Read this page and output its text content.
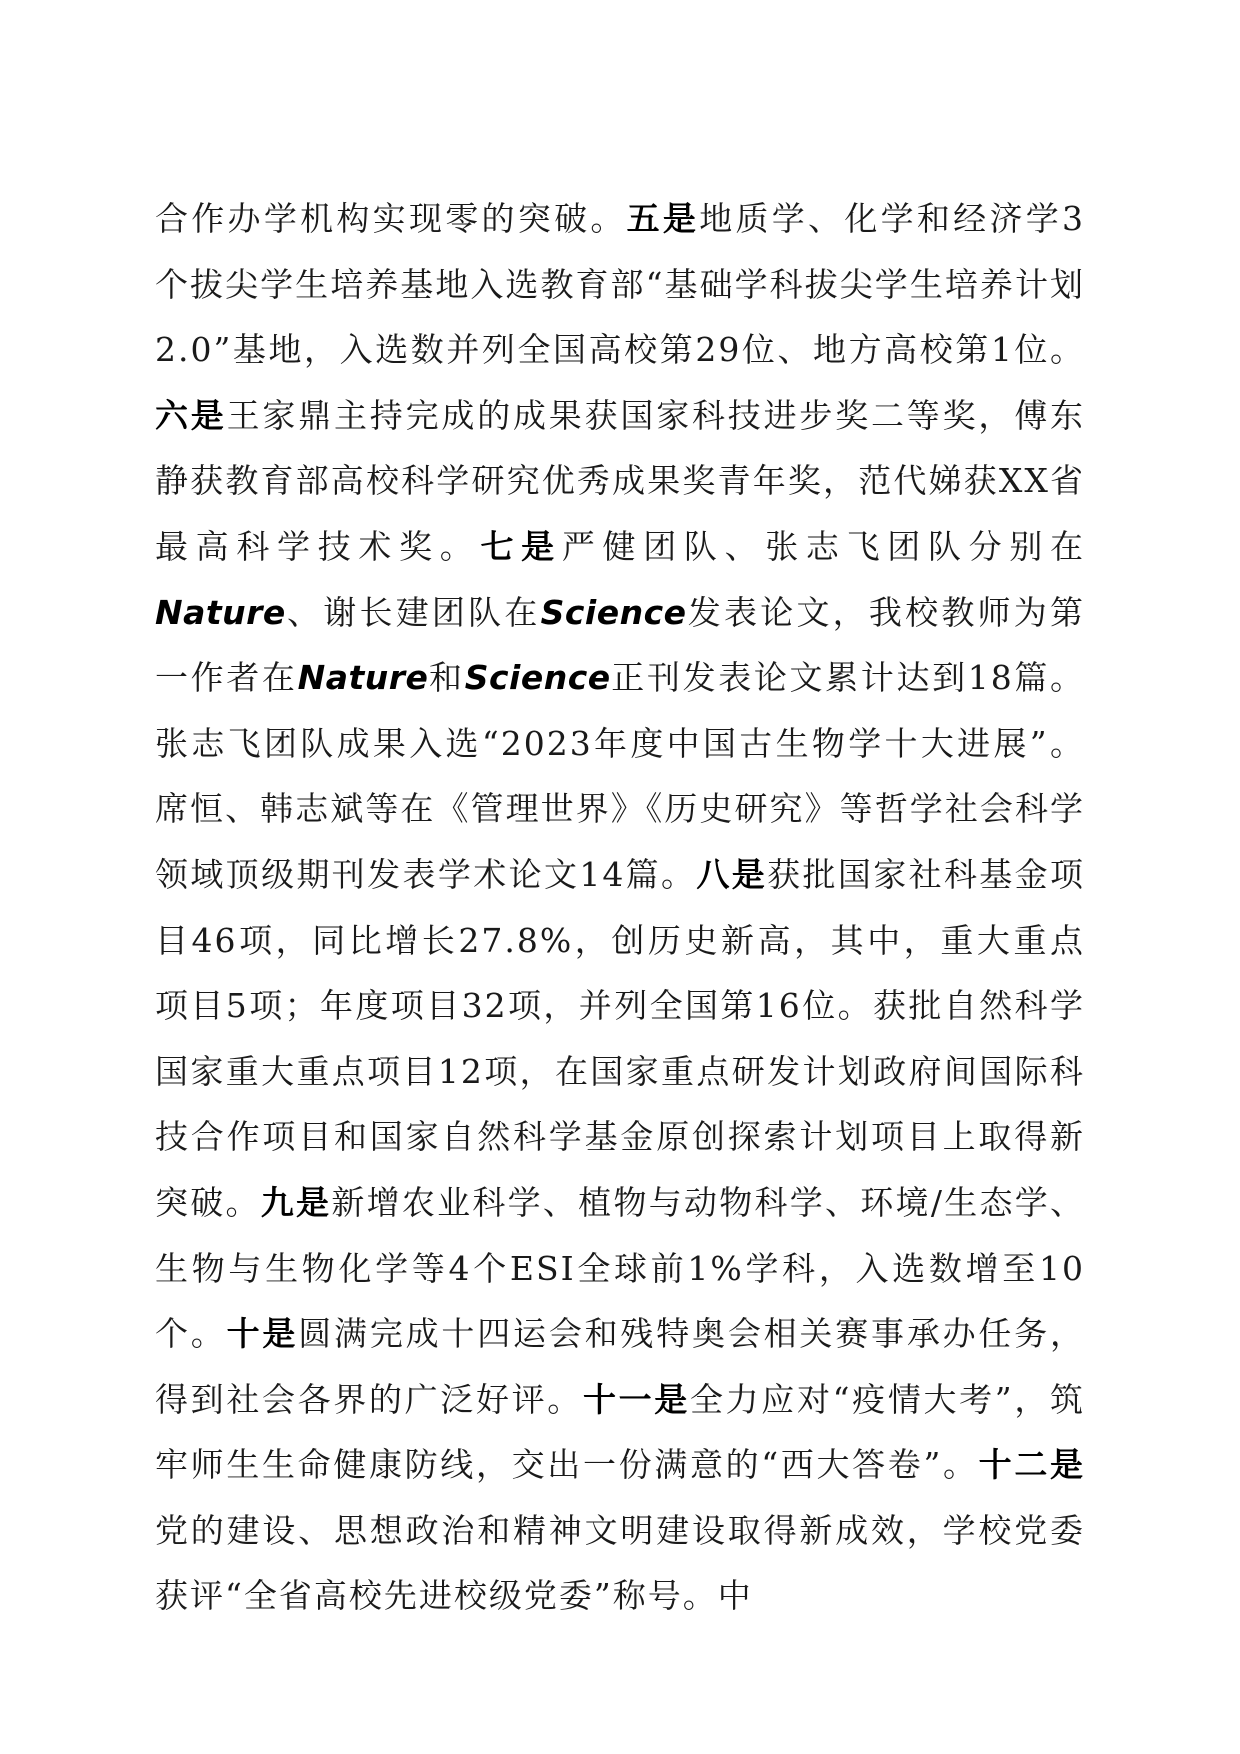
合作办学机构实现零的突破。五是地质学、化学和经济学3个拔尖学生培养基地入选教育部“基础学科拔尖学生培养计划2.0”基地，入选数并列全国高校第29位、地方高校第1位。六是王家鼎主持完成的成果获国家科技进步奖二等奖，傅东静获教育部高校科学研究优秀成果奖青年奖，范代娣获XX省最高科学技术奖。七是严健团队、张志飞团队分别在Nature、谢长建团队在Science发表论文，我校教师为第一作者在Nature和Science正刊发表论文累计达到18篇。张志飞团队成果入选“2023年度中国古生物学十大进展”。席恒、韩志斌等在《管理世界》《历史研究》等哲学社会科学领域顶级期刊发表学术论文14篇。八是获批国家社科基金项目46项，同比增长27.8%，创历史新高，其中，重大重点项目5项；年度项目32项，并列全国第16位。获批自然科学国家重大重点项目12项，在国家重点研发计划政府间国际科技合作项目和国家自然科学基金原创探索计划项目上取得新突破。九是新增农业科学、植物与动物科学、环境/生态学、生物与生物化学等4个ESI全球前1%学科，入选数增至10个。十是圆满完成十四运会和残特奥会相关赛事承办任务，得到社会各界的广泛好评。十一是全力应对“疫情大考”，筑牢师生生命健康防线，交出一份满意的“西大答卷”。十二是党的建设、思想政治和精神文明建设取得新成效，学校党委获评“全省高校先进校级党委”称号。中
